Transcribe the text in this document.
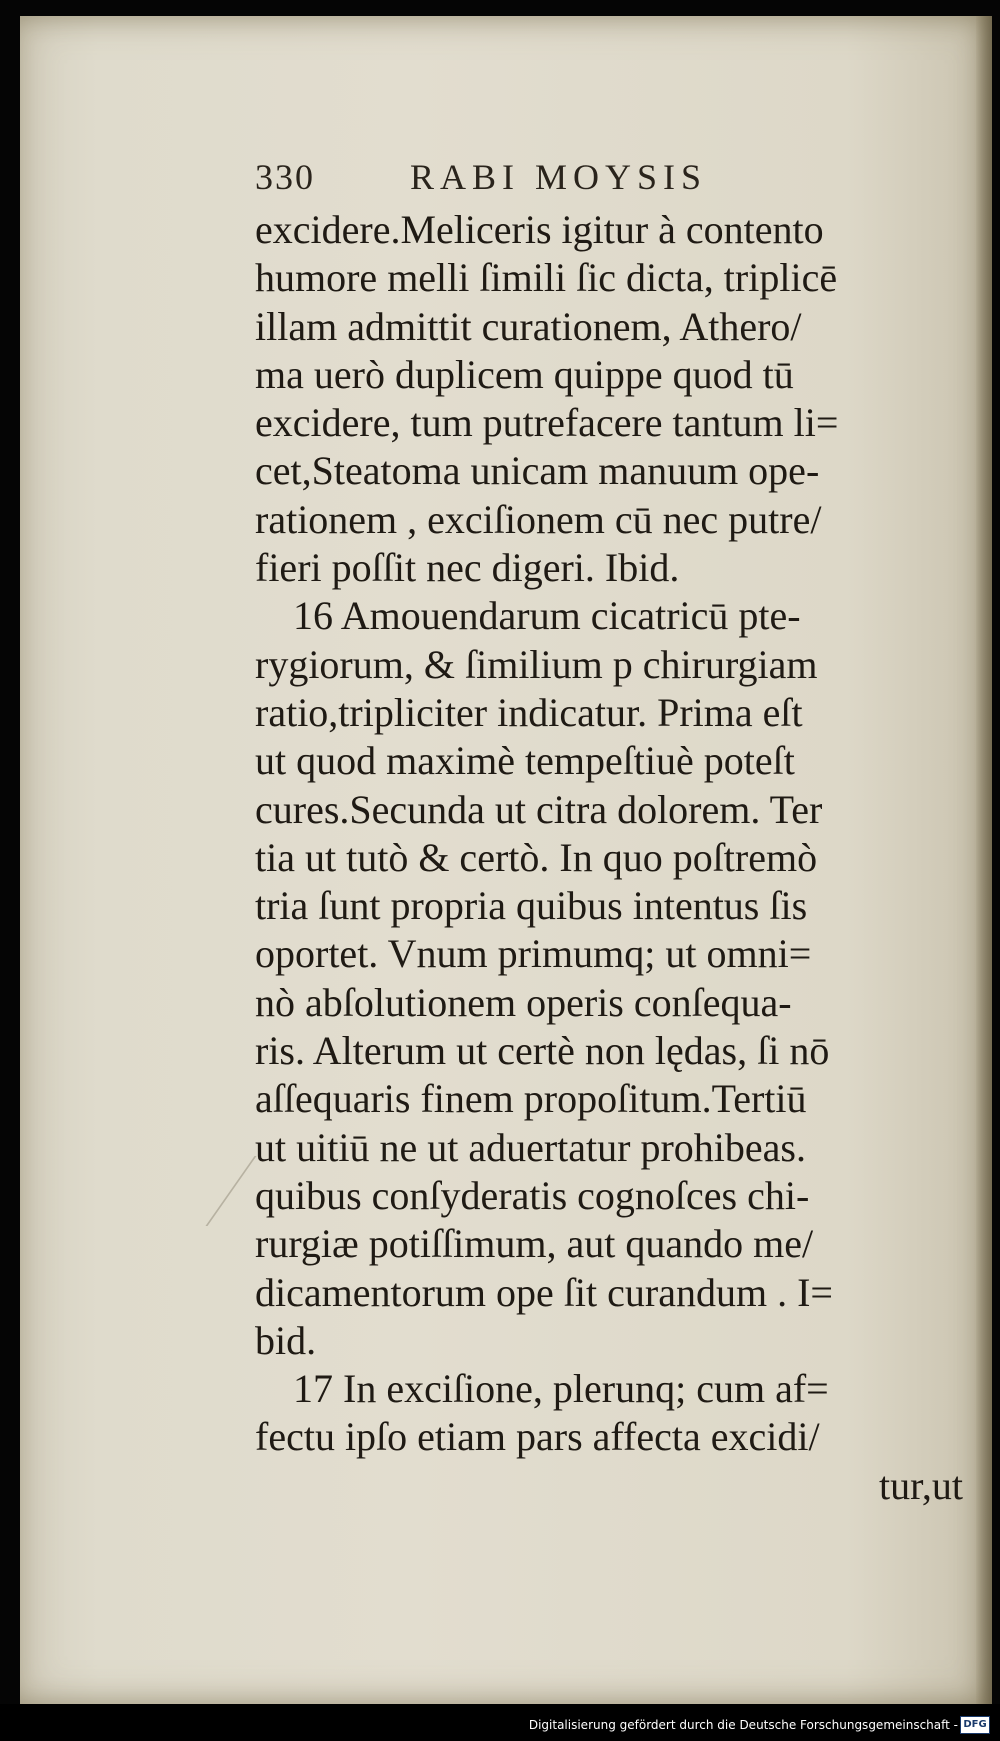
330	RABI MOYSIS
excidere.Meliceris igitur à contento
humore melli ſimili ſic dicta, triplicē
illam admittit curationem, Athero/
ma uerò duplicem quippe quod tū
excidere, tum putrefacere tantum li=
cet,Steatoma unicam manuum ope-
rationem , exciſionem cū nec putre/
fieri poſſit nec digeri. Ibid.
16 Amouendarum cicatricū pte-
rygiorum, & ſimilium p chirurgiam
ratio,tripliciter indicatur. Prima eſt
ut quod maximè tempeſtiuè poteſt
cures.Secunda ut citra dolorem. Ter
tia ut tutò & certò. In quo poſtremò
tria ſunt propria quibus intentus ſis
oportet. Vnum primumq; ut omni=
nò abſolutionem operis conſequa-
ris. Alterum ut certè non lędas, ſi nō
aſſequaris finem propoſitum.Tertiū
ut uitiū ne ut aduertatur prohibeas.
quibus conſyderatis cognoſces chi-
rurgiæ potiſſimum, aut quando me/
dicamentorum ope ſit curandum . I=
bid.
17 In exciſione, plerunq; cum af=
fectu ipſo etiam pars affecta excidi/
tur,ut
Digitalisierung gefördert durch die Deutsche Forschungsgemeinschaft - DFG
